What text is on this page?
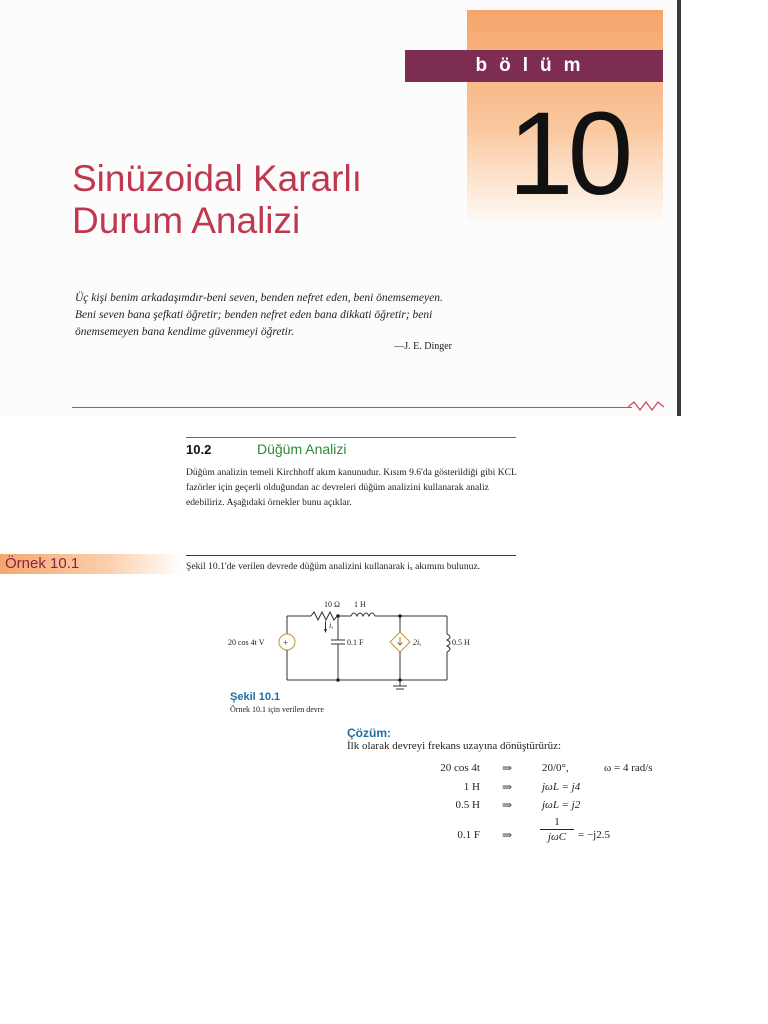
bölüm
10
Sinüzoidal Kararlı
Durum Analizi
Üç kişi benim arkadaşımdır-beni seven, benden nefret eden, beni önemsemeyen. Beni seven bana şefkati öğretir; benden nefret eden bana dikkati öğretir; beni önemsemeyen bana kendime güvenmeyi öğretir.
—J. E. Dinger
10.2	Düğüm Analizi
Düğüm analizin temeli Kirchhoff akım kanunudur. Kısım 9.6'da gösterildiği gibi KCL fazörler için geçerli olduğundan ac devreleri düğüm analizini kullanarak analiz edebiliriz. Aşağıdaki örnekler bunu açıklar.
Örnek 10.1	Şekil 10.1'de verilen devrede düğüm analizini kullanarak iₓ akımını bulunuz.
+
10 Ω 1 H
iₓ
20 cos 4t V	0.1 F	2iₓ	0.5 H
Şekil 10.1
Örnek 10.1 için verilen devre
Çözüm:
İlk olarak devreyi frekans uzayına dönüştürürüz:
20 cos 4t ⇒	20/0°,	ω = 4 rad/s
1 H ⇒	jωL = j4
0.5 H ⇒	jωL = j2
0.1 F ⇒
1
jωC	= −j2.5
